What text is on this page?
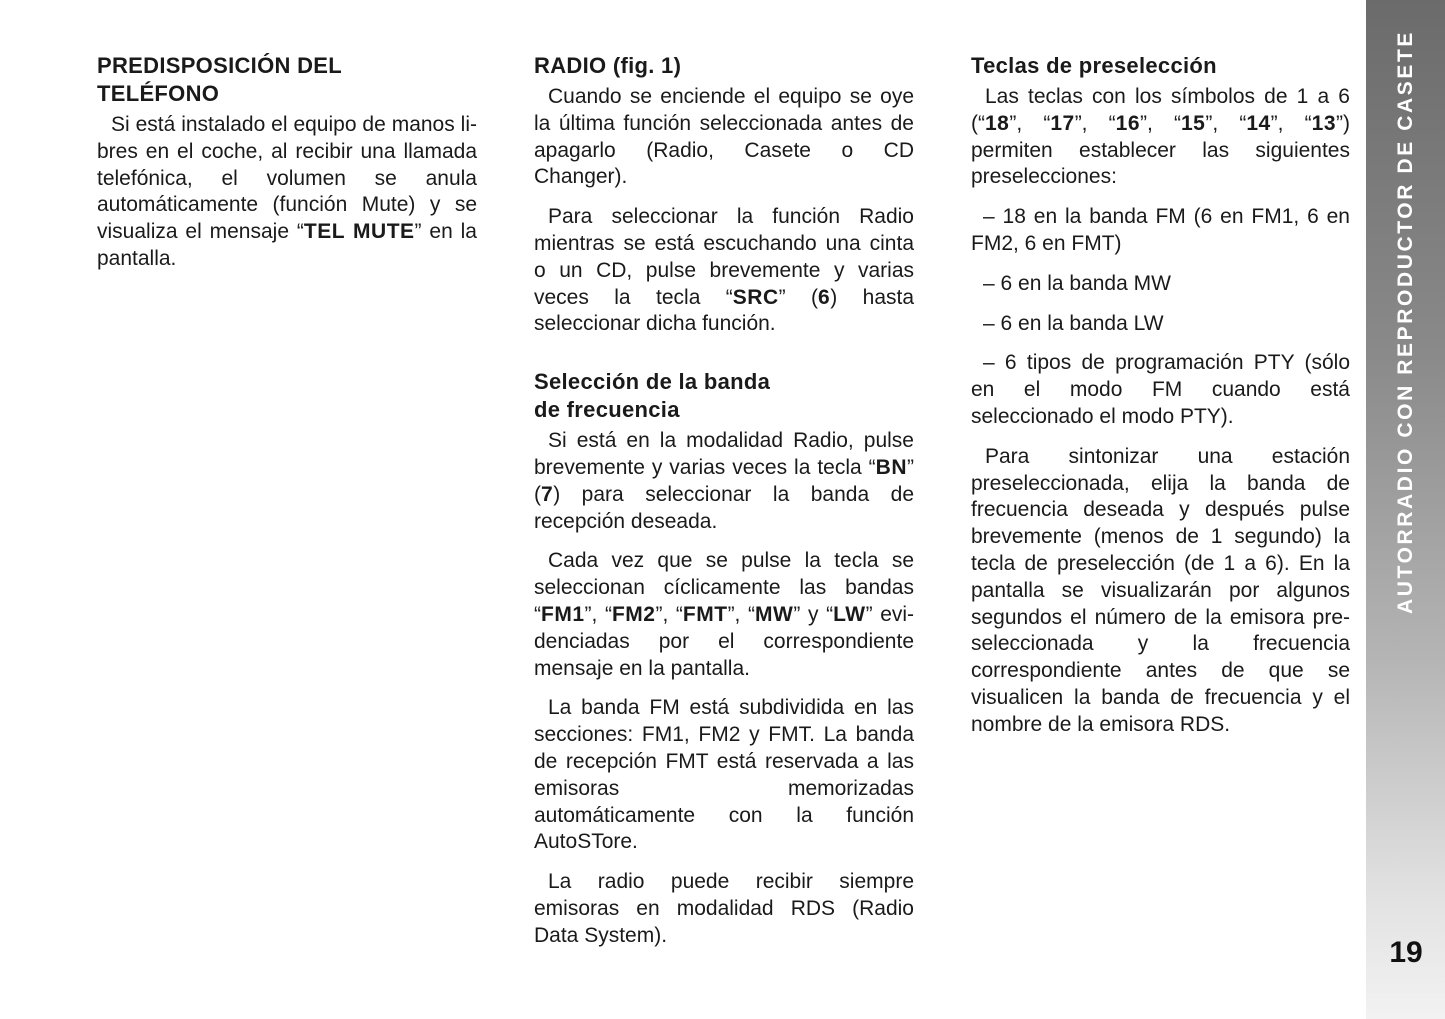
PREDISPOSICIÓN DEL
TELÉFONO

Si está instalado el equipo de manos libres en el coche, al recibir una llamada telefónica, el volumen se anula automáticamente (función Mute) y se visualiza el mensaje “TEL MUTE” en la pantalla.

RADIO (fig. 1)

Cuando se enciende el equipo se oye la última función seleccionada antes de apagarlo (Radio, Casete o CD Changer).

Para seleccionar la función Radio mientras se está escuchando una cinta o un CD, pulse brevemente y varias veces la tecla “SRC” (6) hasta seleccionar dicha función.

Selección de la banda
de frecuencia

Si está en la modalidad Radio, pulse brevemente y varias veces la tecla “BN” (7) para seleccionar la banda de recepción deseada.

Cada vez que se pulse la tecla se seleccionan cíclicamente las bandas “FM1”, “FM2”, “FMT”, “MW” y “LW” evidenciadas por el correspondiente mensaje en la pantalla.

La banda FM está subdividida en las secciones: FM1, FM2 y FMT. La banda de recepción FMT está reservada a las emisoras memorizadas automáticamente con la función AutoSTore.

La radio puede recibir siempre emisoras en modalidad RDS (Radio Data System).

Teclas de preselección

Las teclas con los símbolos de 1 a 6 (“18”, “17”, “16”, “15”, “14”, “13”) permiten establecer las siguientes preselecciones:

– 18 en la banda FM (6 en FM1, 6 en FM2, 6 en FMT)

– 6 en la banda MW

– 6 en la banda LW

– 6 tipos de programación PTY (sólo en el modo FM cuando está seleccionado el modo PTY).

Para sintonizar una estación preseleccionada, elija la banda de frecuencia deseada y después pulse brevemente (menos de 1 segundo) la tecla de preselección (de 1 a 6). En la pantalla se visualizarán por algunos segundos el número de la emisora preseleccionada y la frecuencia correspondiente antes de que se visualicen la banda de frecuencia y el nombre de la emisora RDS.

AUTORRADIO CON REPRODUCTOR DE CASETE
19
